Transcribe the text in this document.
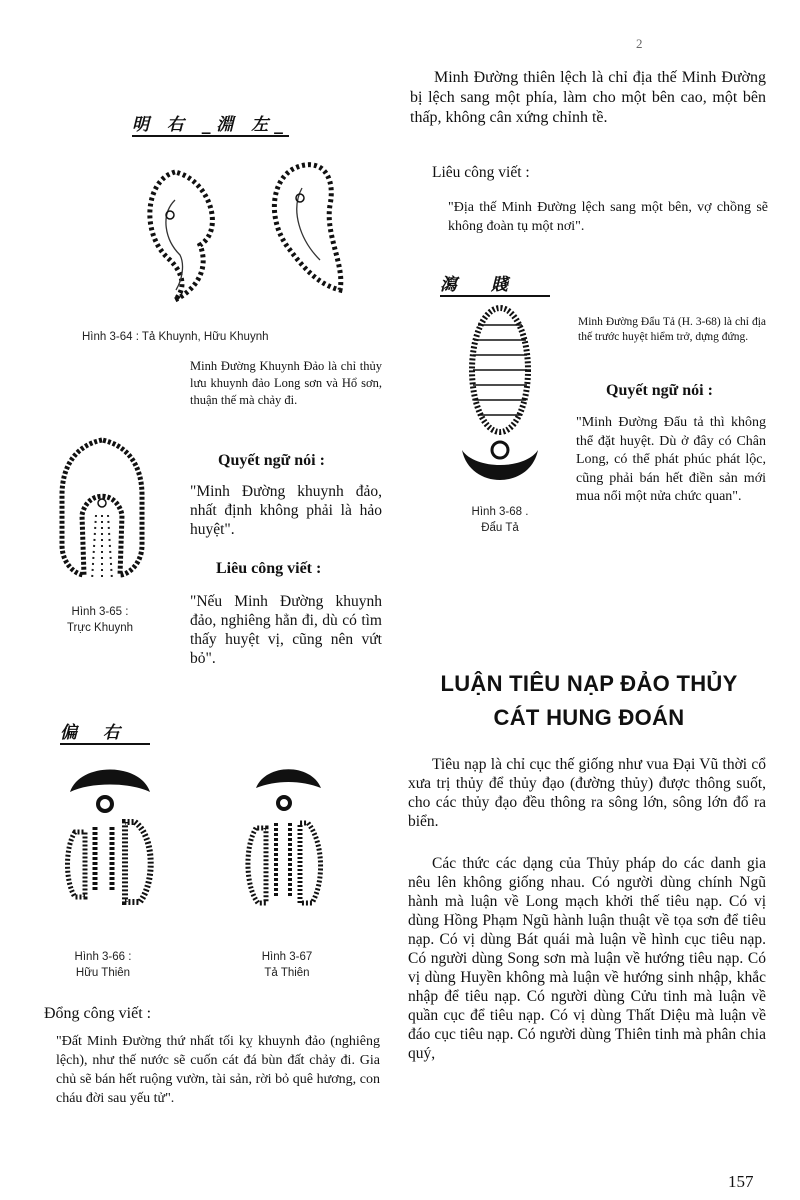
2
157
明 右 _淵 左_
Hình 3-64 : Tả Khuynh, Hữu Khuynh
Minh Đường Khuynh Đảo là chỉ thủy lưu khuynh đảo Long sơn và Hổ sơn, thuận thế mà chảy đi.
Hình 3-65 :
Trực Khuynh
Quyết ngữ nói :

"Minh Đường khuynh đảo, nhất định không phải là hảo huyệt".

Liêu công viết :

"Nếu Minh Đường khuynh đảo, nghiêng hẳn đi, dù có tìm thấy huyệt vị, cũng nên vứt bỏ".

偏 右
Hình 3-66 :
Hữu Thiên
Hình 3-67
Tả Thiên
Đổng công viết :

"Đất Minh Đường thứ nhất tối kỵ khuynh đảo (nghiêng lệch), như thế nước sẽ cuốn cát đá bùn đất chảy đi. Gia chủ sẽ bán hết ruộng vườn, tài sản, rời bỏ quê hương, con cháu đời sau yếu tử".

Minh Đường thiên lệch là chỉ địa thế Minh Đường bị lệch sang một phía, làm cho một bên cao, một bên thấp, không cân xứng chỉnh tề.

Liêu công viết :

"Địa thế Minh Đường lệch sang một bên, vợ chồng sẽ không đoàn tụ một nơi".

瀉 賤
Hình 3-68 .
Đẩu Tả
Minh Đường Đẩu Tả (H. 3-68) là chỉ địa thế trước huyệt hiểm trở, dựng đứng.
Quyết ngữ nói :

"Minh Đường Đẩu tả thì không thể đặt huyệt. Dù ở đây có Chân Long, có thể phát phúc phát lộc, cũng phải bán hết điền sản mới mua nổi một nửa chức quan".

LUẬN TIÊU NẠP ĐẢO THỦY
CÁT HUNG ĐOÁN

Tiêu nạp là chỉ cục thế giống như vua Đại Vũ thời cổ xưa trị thủy để thủy đạo (đường thủy) được thông suốt, cho các thủy đạo đều thông ra sông lớn, sông lớn đổ ra biển.

Các thức các dạng của Thủy pháp do các danh gia nêu lên không giống nhau. Có người dùng chính Ngũ hành mà luận về Long mạch khởi thế tiêu nạp. Có vị dùng Hồng Phạm Ngũ hành luận thuật về tọa sơn để tiêu nạp. Có vị dùng Bát quái mà luận về hình cục tiêu nạp. Có người dùng Song sơn mà luận về hướng tiêu nạp. Có vị dùng Huyền không mà luận về hướng sinh nhập, khắc nhập để tiêu nạp. Có người dùng Cửu tinh mà luận về quần cục để tiêu nạp. Có vị dùng Thất Diệu mà luận về đáo cục tiêu nạp. Có người dùng Thiên tinh mà phân chia quý,
